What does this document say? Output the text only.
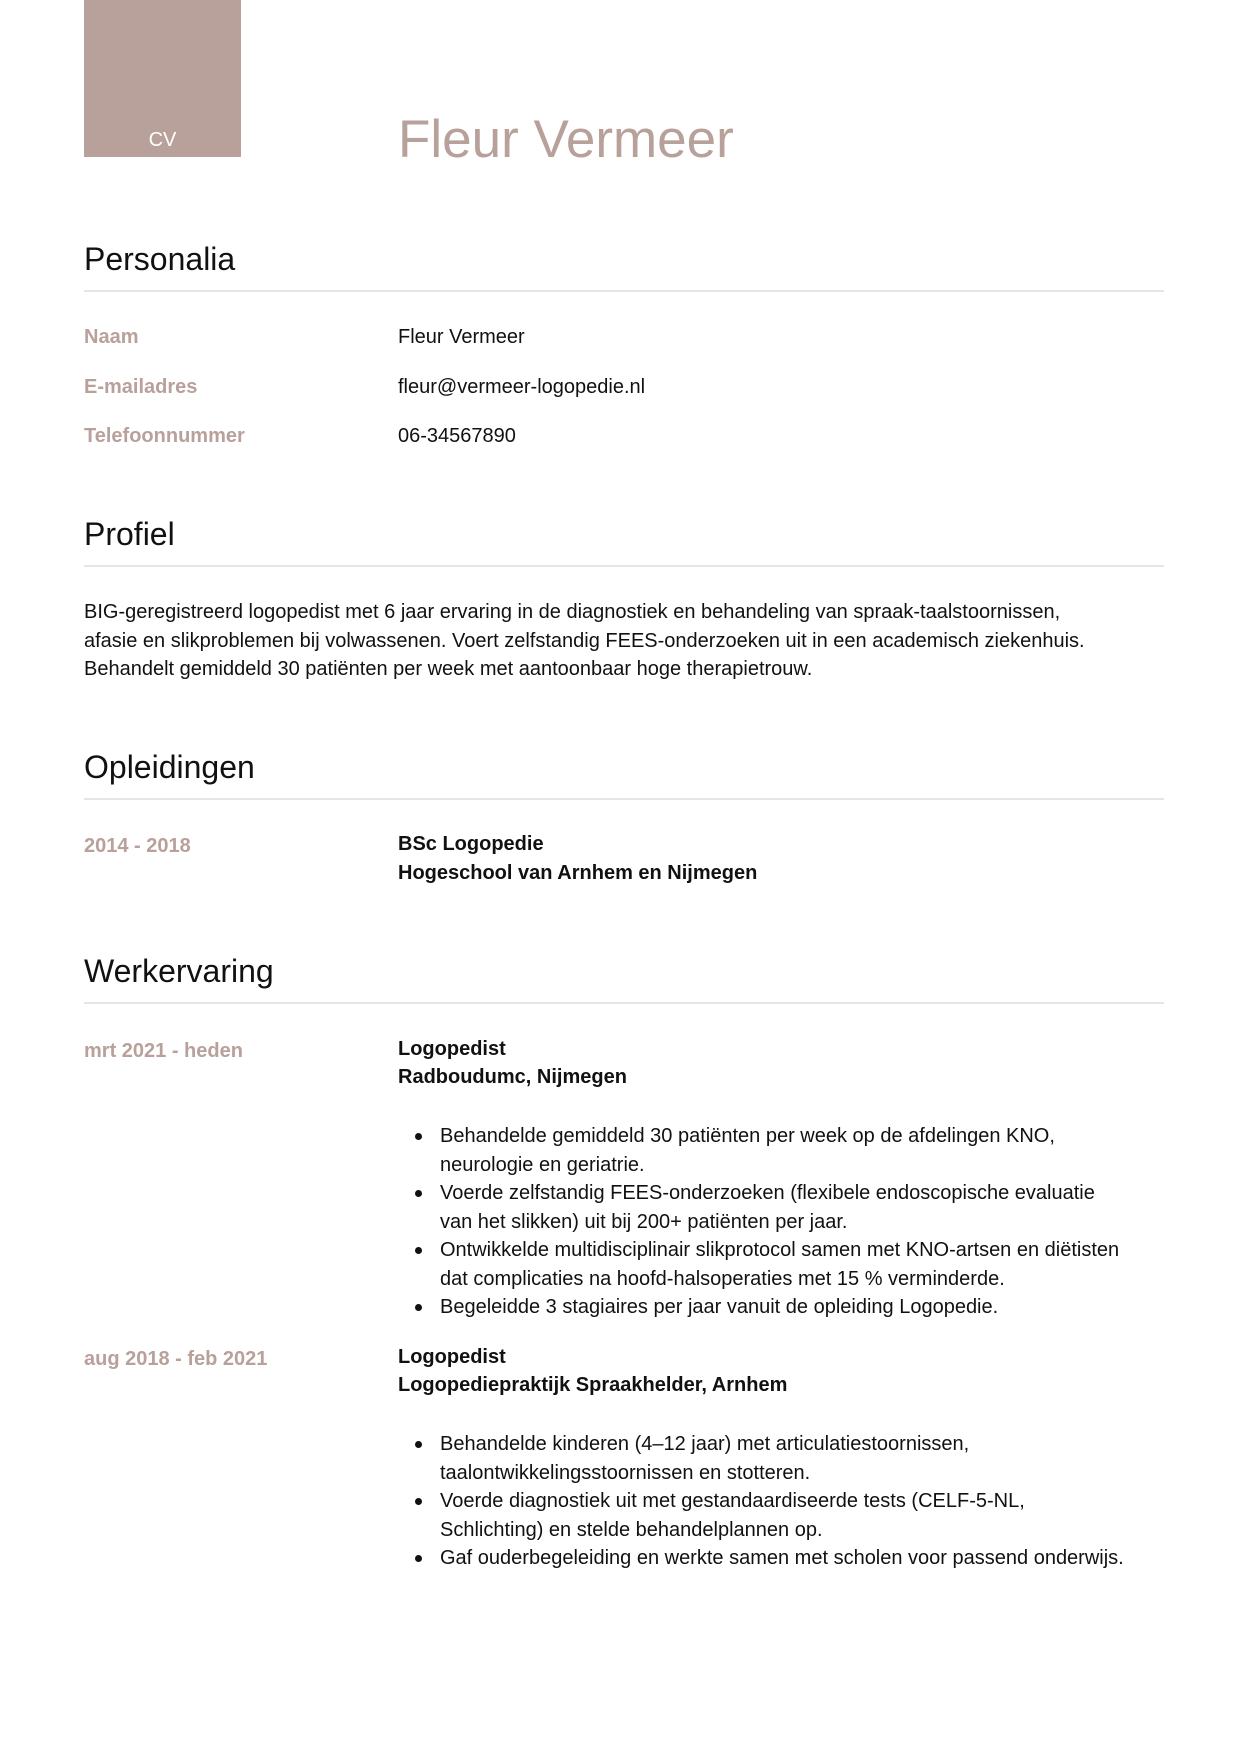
CV	Fleur Vermeer
Personalia
Naam	Fleur Vermeer
E-mailadres	fleur@vermeer-logopedie.nl
Telefoonnummer	06-34567890
Profiel
BIG-geregistreerd logopedist met 6 jaar ervaring in de diagnostiek en behandeling van spraak-taalstoornissen,
afasie en slikproblemen bij volwassenen. Voert zelfstandig FEES-onderzoeken uit in een academisch ziekenhuis.
Behandelt gemiddeld 30 patiënten per week met aantoonbaar hoge therapietrouw.
Opleidingen
2014 - 2018	BSc Logopedie
Hogeschool van Arnhem en Nijmegen
Werkervaring
mrt 2021 - heden	Logopedist
Radboudumc, Nijmegen
Behandelde gemiddeld 30 patiënten per week op de afdelingen KNO,
neurologie en geriatrie.
Voerde zelfstandig FEES-onderzoeken (flexibele endoscopische evaluatie
van het slikken) uit bij 200+ patiënten per jaar.
Ontwikkelde multidisciplinair slikprotocol samen met KNO-artsen en diëtisten
dat complicaties na hoofd-halsoperaties met 15 % verminderde.
Begeleidde 3 stagiaires per jaar vanuit de opleiding Logopedie.
aug 2018 - feb 2021	Logopedist
Logopediepraktijk Spraakhelder, Arnhem
Behandelde kinderen (4–12 jaar) met articulatiestoornissen,
taalontwikkelingsstoornissen en stotteren.
Voerde diagnostiek uit met gestandaardiseerde tests (CELF-5-NL,
Schlichting) en stelde behandelplannen op.
Gaf ouderbegeleiding en werkte samen met scholen voor passend onderwijs.
